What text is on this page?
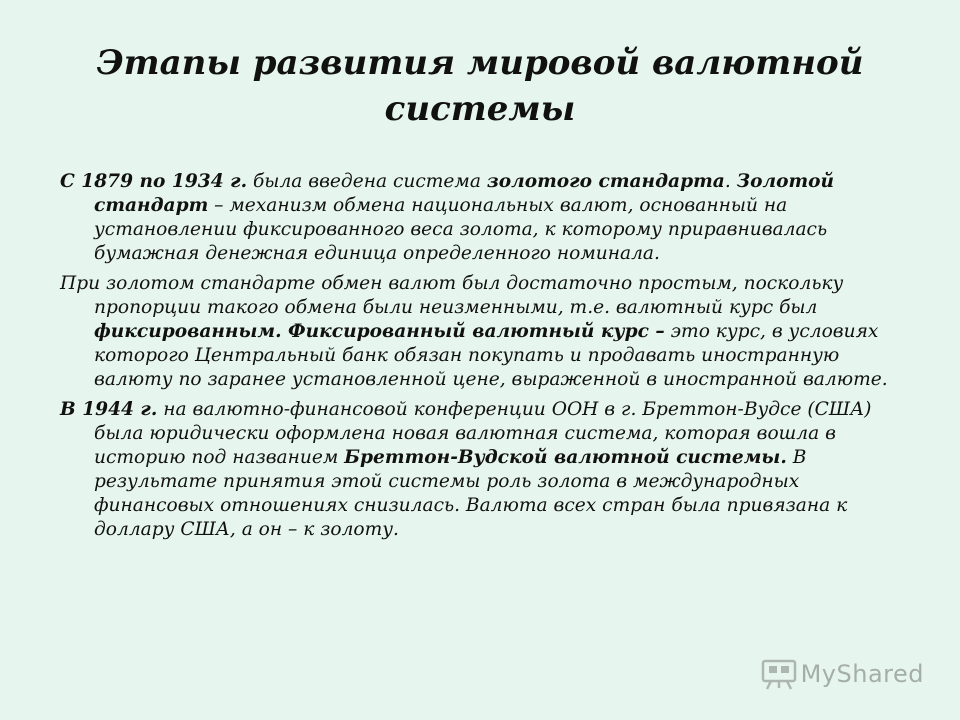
Этапы развития мировой валютной системы

С 1879 по 1934 г. была введена система золотого стандарта. Золотой стандарт – механизм обмена национальных валют, основанный на установлении фиксированного веса золота, к которому приравнивалась бумажная денежная единица определенного номинала.

При золотом стандарте обмен валют был достаточно простым, поскольку пропорции такого обмена были неизменными, т.е. валютный курс был фиксированным. Фиксированный валютный курс – это курс, в условиях которого Центральный банк обязан покупать и продавать иностранную валюту по заранее установленной цене, выраженной в иностранной валюте.

В 1944 г. на валютно-финансовой конференции ООН в г. Бреттон-Вудсе (США) была юридически оформлена новая валютная система, которая вошла в историю под названием Бреттон-Вудской валютной системы. В результате принятия этой системы роль золота в международных финансовых отношениях снизилась. Валюта всех стран была привязана к доллару США, а он – к золоту.

MyShared
